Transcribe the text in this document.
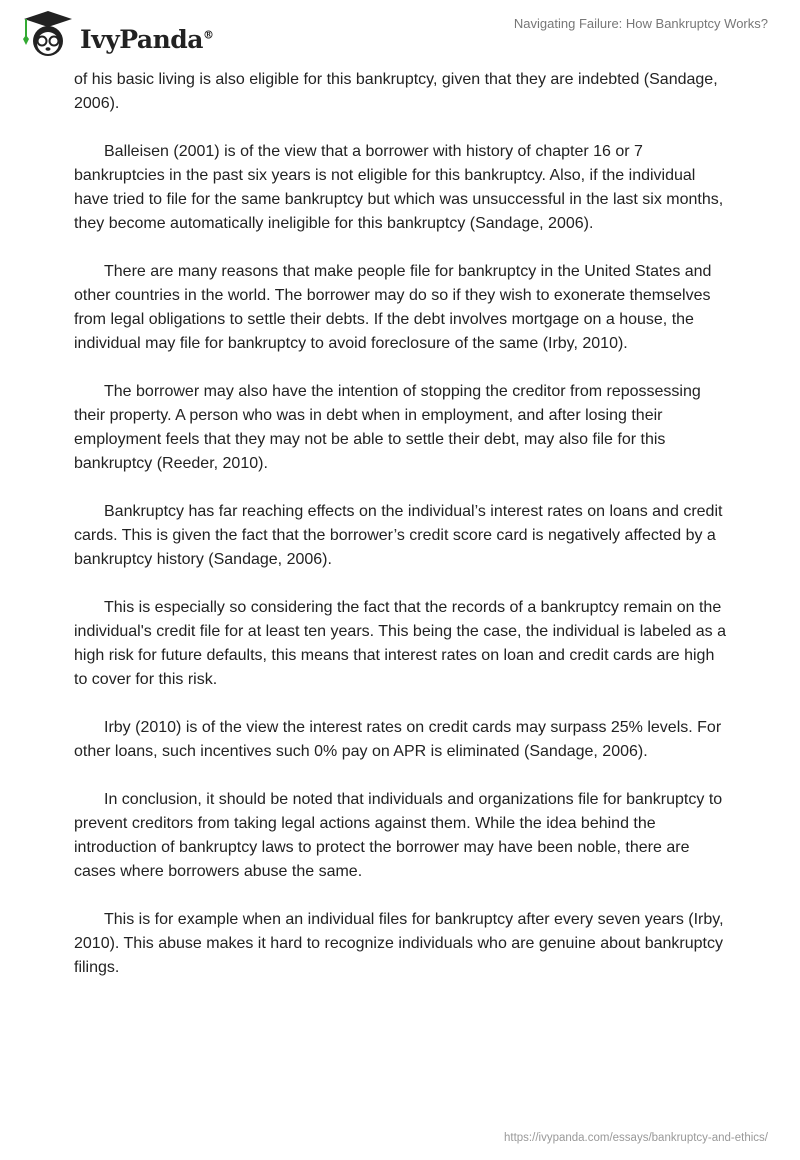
IvyPanda®
Navigating Failure: How Bankruptcy Works?

of his basic living is also eligible for this bankruptcy, given that they are indebted (Sandage, 2006).

Balleisen (2001) is of the view that a borrower with history of chapter 16 or 7 bankruptcies in the past six years is not eligible for this bankruptcy. Also, if the individual have tried to file for the same bankruptcy but which was unsuccessful in the last six months, they become automatically ineligible for this bankruptcy (Sandage, 2006).

There are many reasons that make people file for bankruptcy in the United States and other countries in the world. The borrower may do so if they wish to exonerate themselves from legal obligations to settle their debts. If the debt involves mortgage on a house, the individual may file for bankruptcy to avoid foreclosure of the same (Irby, 2010).

The borrower may also have the intention of stopping the creditor from repossessing their property. A person who was in debt when in employment, and after losing their employment feels that they may not be able to settle their debt, may also file for this bankruptcy (Reeder, 2010).

Bankruptcy has far reaching effects on the individual’s interest rates on loans and credit cards. This is given the fact that the borrower’s credit score card is negatively affected by a bankruptcy history (Sandage, 2006).

This is especially so considering the fact that the records of a bankruptcy remain on the individual's credit file for at least ten years. This being the case, the individual is labeled as a high risk for future defaults, this means that interest rates on loan and credit cards are high to cover for this risk.

Irby (2010) is of the view the interest rates on credit cards may surpass 25% levels. For other loans, such incentives such 0% pay on APR is eliminated (Sandage, 2006).

In conclusion, it should be noted that individuals and organizations file for bankruptcy to prevent creditors from taking legal actions against them. While the idea behind the introduction of bankruptcy laws to protect the borrower may have been noble, there are cases where borrowers abuse the same.

This is for example when an individual files for bankruptcy after every seven years (Irby, 2010). This abuse makes it hard to recognize individuals who are genuine about bankruptcy filings.

https://ivypanda.com/essays/bankruptcy-and-ethics/
